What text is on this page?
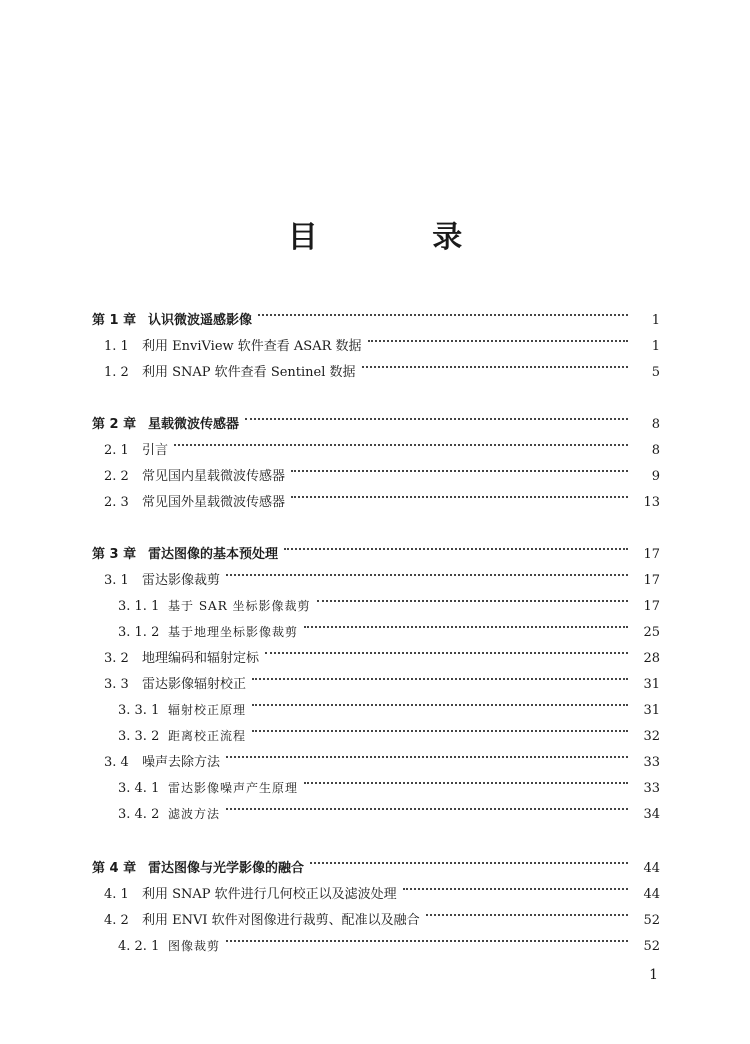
目 录
第 1 章 认识微波遥感影像	1
1. 1	利用 EnviView 软件查看 ASAR 数据	1
1. 2	利用 SNAP 软件查看 Sentinel 数据	5
第 2 章 星载微波传感器	8
2. 1	引言	8
2. 2	常见国内星载微波传感器	9
2. 3	常见国外星载微波传感器	13
第 3 章 雷达图像的基本预处理	17
3. 1	雷达影像裁剪	17
3. 1. 1 基于 SAR 坐标影像裁剪	17
3. 1. 2 基于地理坐标影像裁剪	25
3. 2	地理编码和辐射定标	28
3. 3	雷达影像辐射校正	31
3. 3. 1 辐射校正原理	31
3. 3. 2 距离校正流程	32
3. 4	噪声去除方法	33
3. 4. 1 雷达影像噪声产生原理	33
3. 4. 2 滤波方法	34
第 4 章 雷达图像与光学影像的融合	44
4. 1	利用 SNAP 软件进行几何校正以及滤波处理	44
4. 2	利用 ENVI 软件对图像进行裁剪、配准以及融合	52
4. 2. 1 图像裁剪	52
1
